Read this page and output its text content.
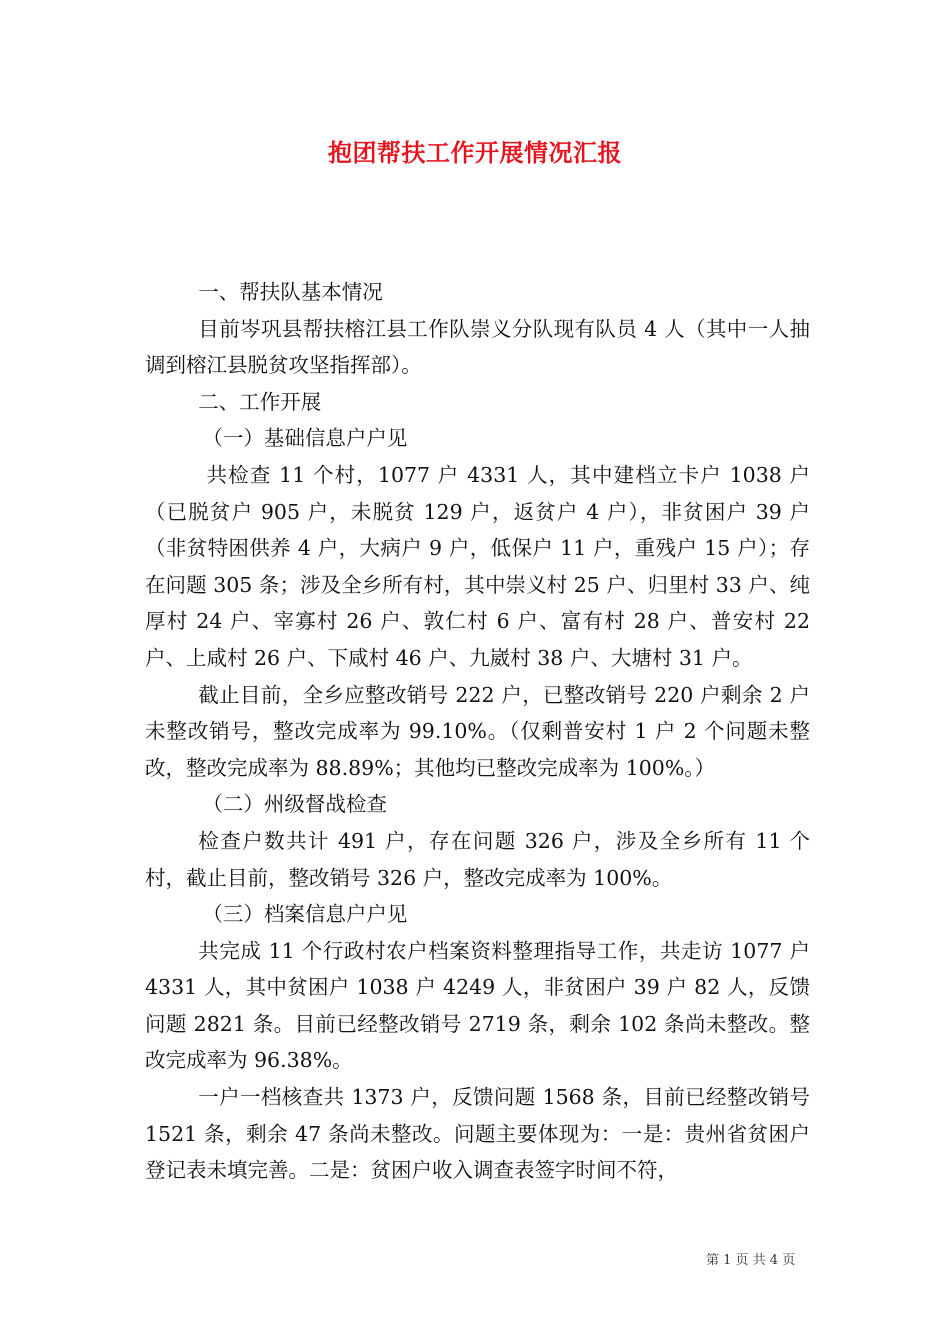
抱团帮扶工作开展情况汇报

一、帮扶队基本情况

目前岑巩县帮扶榕江县工作队崇义分队现有队员 4 人（其中一人抽调到榕江县脱贫攻坚指挥部）。

二、工作开展

（一）基础信息户户见

共检查 11 个村，1077 户 4331 人，其中建档立卡户 1038 户（已脱贫户 905 户，未脱贫 129 户，返贫户 4 户），非贫困户 39 户（非贫特困供养 4 户，大病户 9 户，低保户 11 户，重残户 15 户）；存在问题 305 条；涉及全乡所有村，其中崇义村 25 户、归里村 33 户、纯厚村 24 户、宰寡村 26 户、敦仁村 6 户、富有村 28 户、普安村 22 户、上咸村 26 户、下咸村 46 户、九崴村 38 户、大塘村 31 户。

截止目前，全乡应整改销号 222 户，已整改销号 220 户剩余 2 户未整改销号，整改完成率为 99.10%。（仅剩普安村 1 户 2 个问题未整改，整改完成率为 88.89%；其他均已整改完成率为 100%。）

（二）州级督战检查

检查户数共计 491 户，存在问题 326 户，涉及全乡所有 11 个村，截止目前，整改销号 326 户，整改完成率为 100%。

（三）档案信息户户见

共完成 11 个行政村农户档案资料整理指导工作，共走访 1077 户 4331 人，其中贫困户 1038 户 4249 人，非贫困户 39 户 82 人，反馈问题 2821 条。目前已经整改销号 2719 条，剩余 102 条尚未整改。整改完成率为 96.38%。

一户一档核查共 1373 户，反馈问题 1568 条，目前已经整改销号 1521 条，剩余 47 条尚未整改。问题主要体现为：一是：贵州省贫困户登记表未填完善。二是：贫困户收入调查表签字时间不符，

第 1 页 共 4 页
